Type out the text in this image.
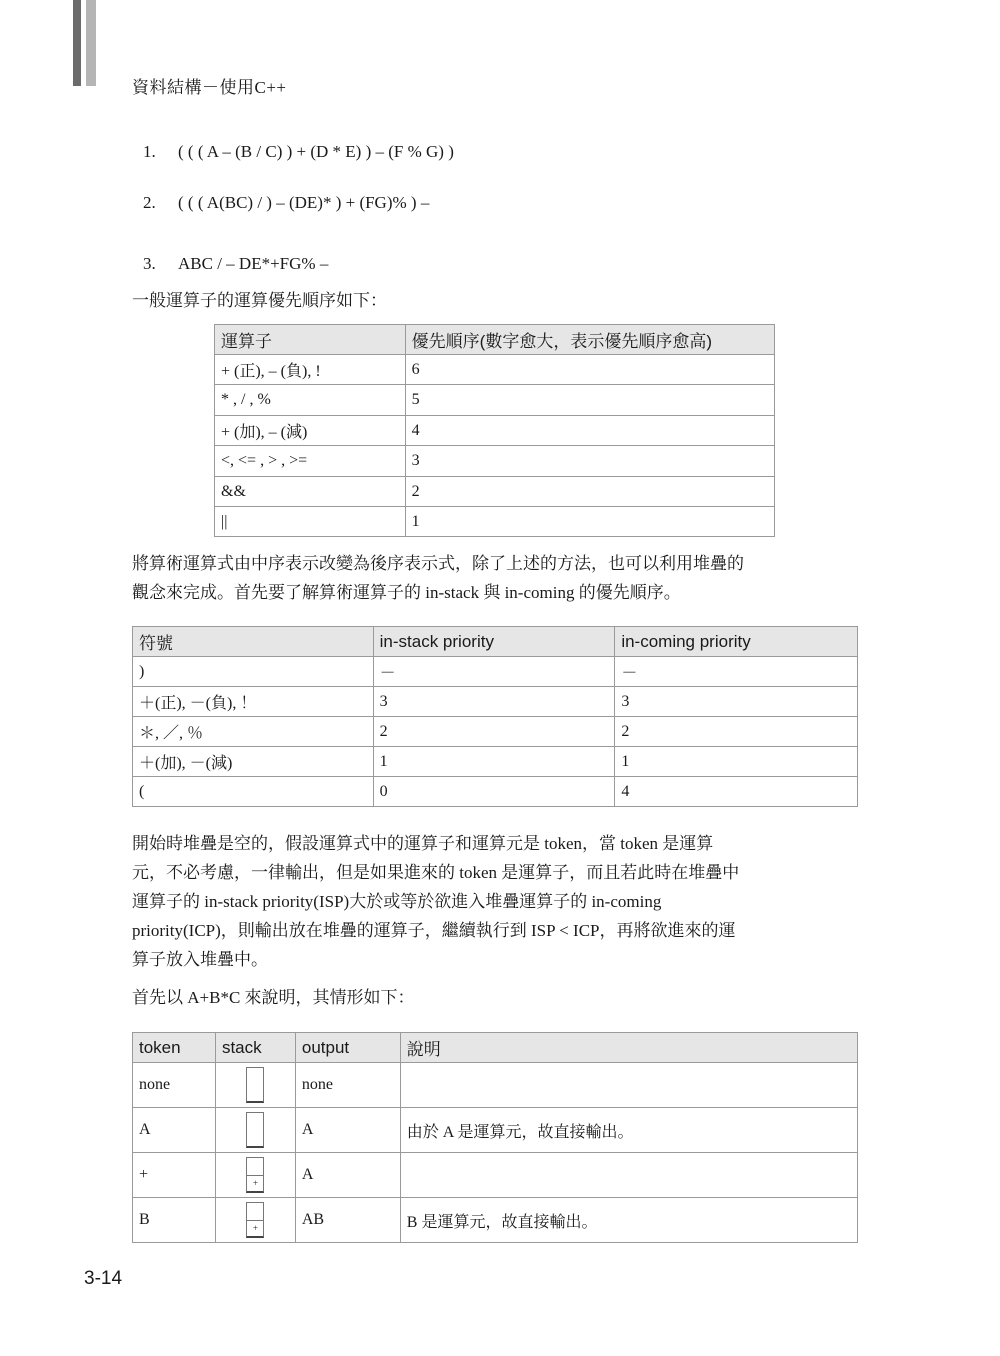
資料結構－使用C++
1. ( ( ( A – (B / C) ) + (D * E) ) – (F % G) )
2. ( ( ( A(BC) / ) – (DE)* ) + (FG)% ) –
3. ABC / – DE*+FG% –
一般運算子的運算優先順序如下：
運算子	優先順序(數字愈大，表示優先順序愈高)
+ (正), – (負), !	6
* , / , %	5
+ (加), – (減)	4
<, <= , > , >=	3
&&	2
||	1
將算術運算式由中序表示改變為後序表示式，除了上述的方法，也可以利用堆疊的
觀念來完成。首先要了解算術運算子的 in-stack 與 in-coming 的優先順序。
符號	in-stack priority	in-coming priority
)	－	－
＋(正), －(負), ！	3	3
＊, ／, ％	2	2
＋(加), －(減)	1	1
(	0	4
開始時堆疊是空的，假設運算式中的運算子和運算元是 token，當 token 是運算
元，不必考慮，一律輸出，但是如果進來的 token 是運算子，而且若此時在堆疊中
運算子的 in-stack priority(ISP)大於或等於欲進入堆疊運算子的 in-coming
priority(ICP)，則輸出放在堆疊的運算子，繼續執行到 ISP < ICP，再將欲進來的運
算子放入堆疊中。
首先以 A+B*C 來說明，其情形如下：
token	stack	output	說明
none		none	
A		A	由於 A 是運算元，故直接輸出。
+	+	A	
B	+	AB	B 是運算元，故直接輸出。
3-14
